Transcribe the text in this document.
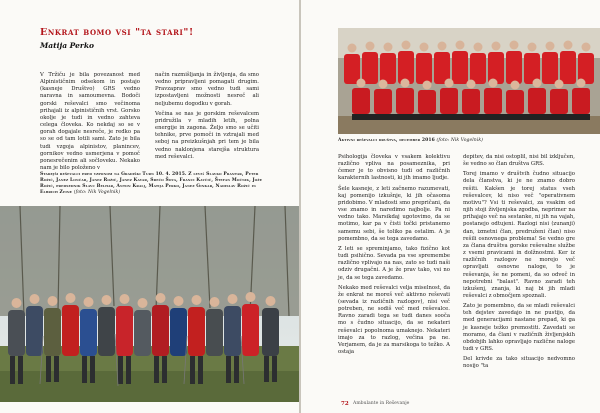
Enkrat bomo vsi "ta stari"!
Matija Perko

V Tržiču je bila povezanost med Alpinističnim odsekom in postajo (kasneje Društvo) GRS vedno naravna in samoumevna. Bodoči gorski reševalci smo večinoma prihajali iz alpinističnih vrst. Gorsko okolje je tudi in vedno zahteva celega človeka. Ko nekdaj so se v gorah dogajale nesreče, je redko pa so se od tam lotili sami. Zato je bila tudi vzgoja alpinistov, planincev, gornikov vedno usmerjena v pomoč ponesrečenim ali sočloveku. Nekako nam je bilo položeno v

način razmišljanja in življenja, da smo vedno pripravljeni pomagati drugim. Pravzaprav smo vedno tudi sami izpostavljeni možnosti nesreč ali neljubemu dogodku v gorah.

Večina se nas je gorskim reševalcem pridružila v mladih letih, polna energije in zagona. Željo smo se učiti tehnike, prve pomoči in vztrajali med seboj na preizkušnjah pri tem je bila vedno naklonjena starejša struktura med reševalci.

Starejši reševalci pred vzponom na Gradiški Turn 10. 4. 2015. Z leve: Slavko Prantar, Peter Rožič, Janez Lončar, Janez Rožič, Janez Kavar, Srečo Šova, Franci Kavčič, Štefan Močnik, Jože Rožič, predsednik Slavc Belhar, Anton Kralj, Matija Perko, Janez Ginkar, Nadislav Rožič in Elbrich Zeine (foto: Nik Vogelnik)
Aktivni reševalci društva, december 2016 (foto: Nik Vogelnik)

Psihologija človeka v vsakem kolektivu različno vpliva na posameznika, pri čemer je to obvisno tudi od različnih karakternih lastnosti, ki jih imamo ljudje.

Šele kasneje, z leti začnemo razumevati, kaj pomenijo izkušnje, ki jih očasoma pridobimo. V mladosti smo prepričani, da vse znamo in naredimo najbolje. Pa ni vedno tako. Marsikdaj ugotovimo, da se motimo, kar pa v čisti točki pristanemo samemu sebi, še toliko pa ostalim. A je pomembno, da se tega zavedamo.

Z leti se spreminjamo, tako fizično kot tudi psihično. Sevada pa vse spremembe različno vplivajo na nas, zato so tudi naši odziv drugačni. A je že prav tako, vsi no je, da se tega zavedamo.

Nekako med reševalci velja miselnost, da že enkrat ne moreš več aktivno reševati (sevada iz različnih razlogov), nisi več potreben, ne sodiš več med reševalce. Ravno zaradi tega se tudi danes sooča mo s čudno situacijo, da se nekateri reševalci popolnoma umaknejo. Nekateri imajo za to razlog, večina pa ne. Verjamem, da je za marsikoga to težko. A ostaja

depitev, da nisi ostoplil, nisi bil izključen, še vedno so član društva GRS.

Torej imamo v društvih čudno situacijo dela članstva, ki je ne znamo dobro rešiti. Kakšen je torej status vseh reševalcev, ki niso več "operativnem motivu"? Vsi ti reševalci, za vsakim od njih stoji življenjska zgodba, neprimer na prihajajo več na sestanke, ni jih na vajah, postanejo odtujeni. Razlogi nisi (zunanji) dan, izmetni član, predruženi član) niso rešili osnovnega problema! Se vedno gre za člana društva gorske reševalne službe z vsemi pravicami in dolžnostmi. Ker iz različnih razlogov ne morejo več opravljati osnovne naloge, to je reševanja, še ne pomeni, da so odveč in nepotrebni "balast". Ravno zaradi teh izkušenj, znanja, ki naj bi jih mladi reševalci z območjem spoznali.

Zato je pomembno, da se mladi reševalci teh dejstev zavedajo in ne pustijo, da med generacijami nastane prepad, ki ga je kasneje težko premostiti. Zavedati se moramo, da člani v različnih življenjskih obdobjih lahko opravljajo različne naloge tudi v GRS.

Del krivde za tako situacijo nedvomno nosijo "ta

72 Ambulante in Reševanje
